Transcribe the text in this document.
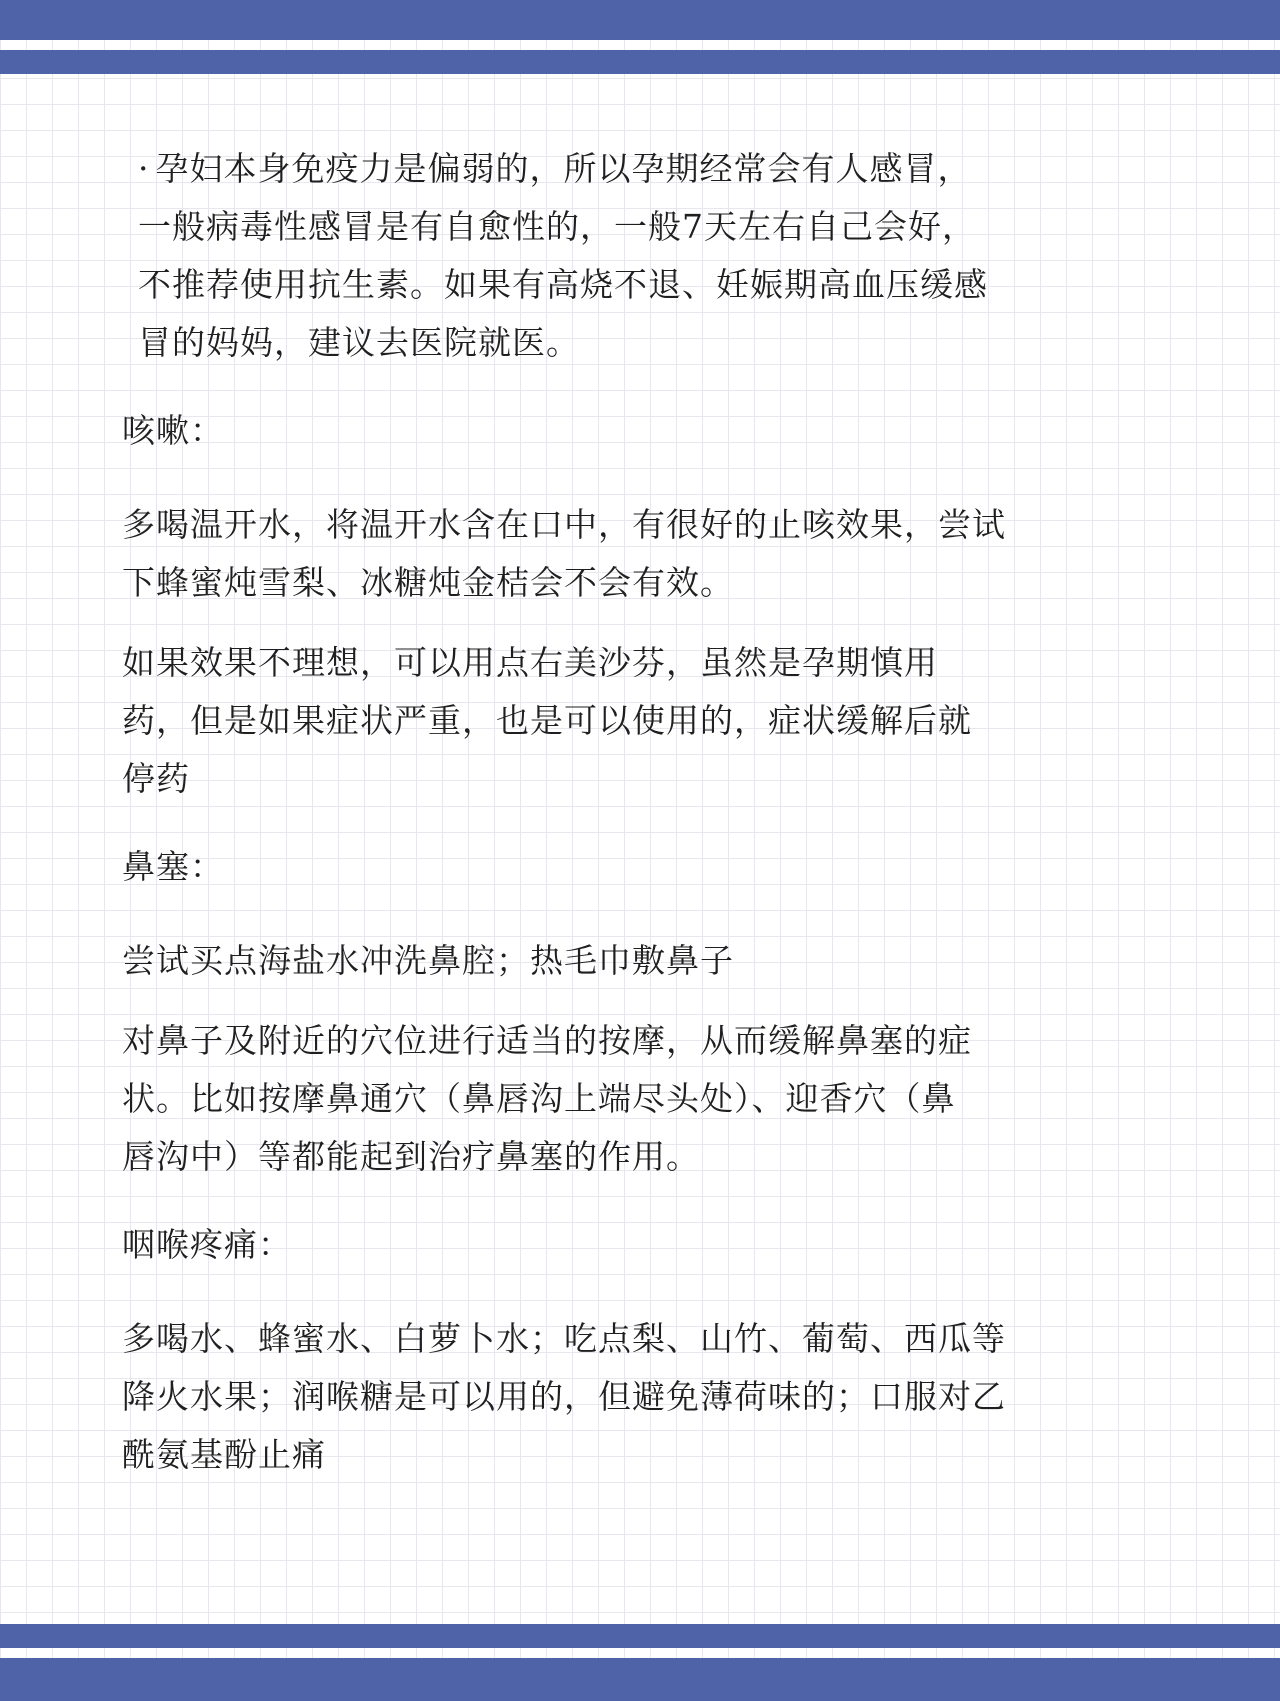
· 孕妇本身免疫力是偏弱的，所以孕期经常会有人感冒，
一般病毒性感冒是有自愈性的，一般7天左右自己会好，
不推荐使用抗生素。如果有高烧不退、妊娠期高血压缓感
冒的妈妈，建议去医院就医。

咳嗽：

多喝温开水，将温开水含在口中，有很好的止咳效果，尝试
下蜂蜜炖雪梨、冰糖炖金桔会不会有效。
如果效果不理想，可以用点右美沙芬，虽然是孕期慎用
药，但是如果症状严重，也是可以使用的，症状缓解后就
停药

鼻塞：

尝试买点海盐水冲洗鼻腔；热毛巾敷鼻子

对鼻子及附近的穴位进行适当的按摩，从而缓解鼻塞的症
状。比如按摩鼻通穴（鼻唇沟上端尽头处）、迎香穴（鼻
唇沟中）等都能起到治疗鼻塞的作用。

咽喉疼痛：

多喝水、蜂蜜水、白萝卜水；吃点梨、山竹、葡萄、西瓜等
降火水果；润喉糖是可以用的，但避免薄荷味的；口服对乙
酰氨基酚止痛
